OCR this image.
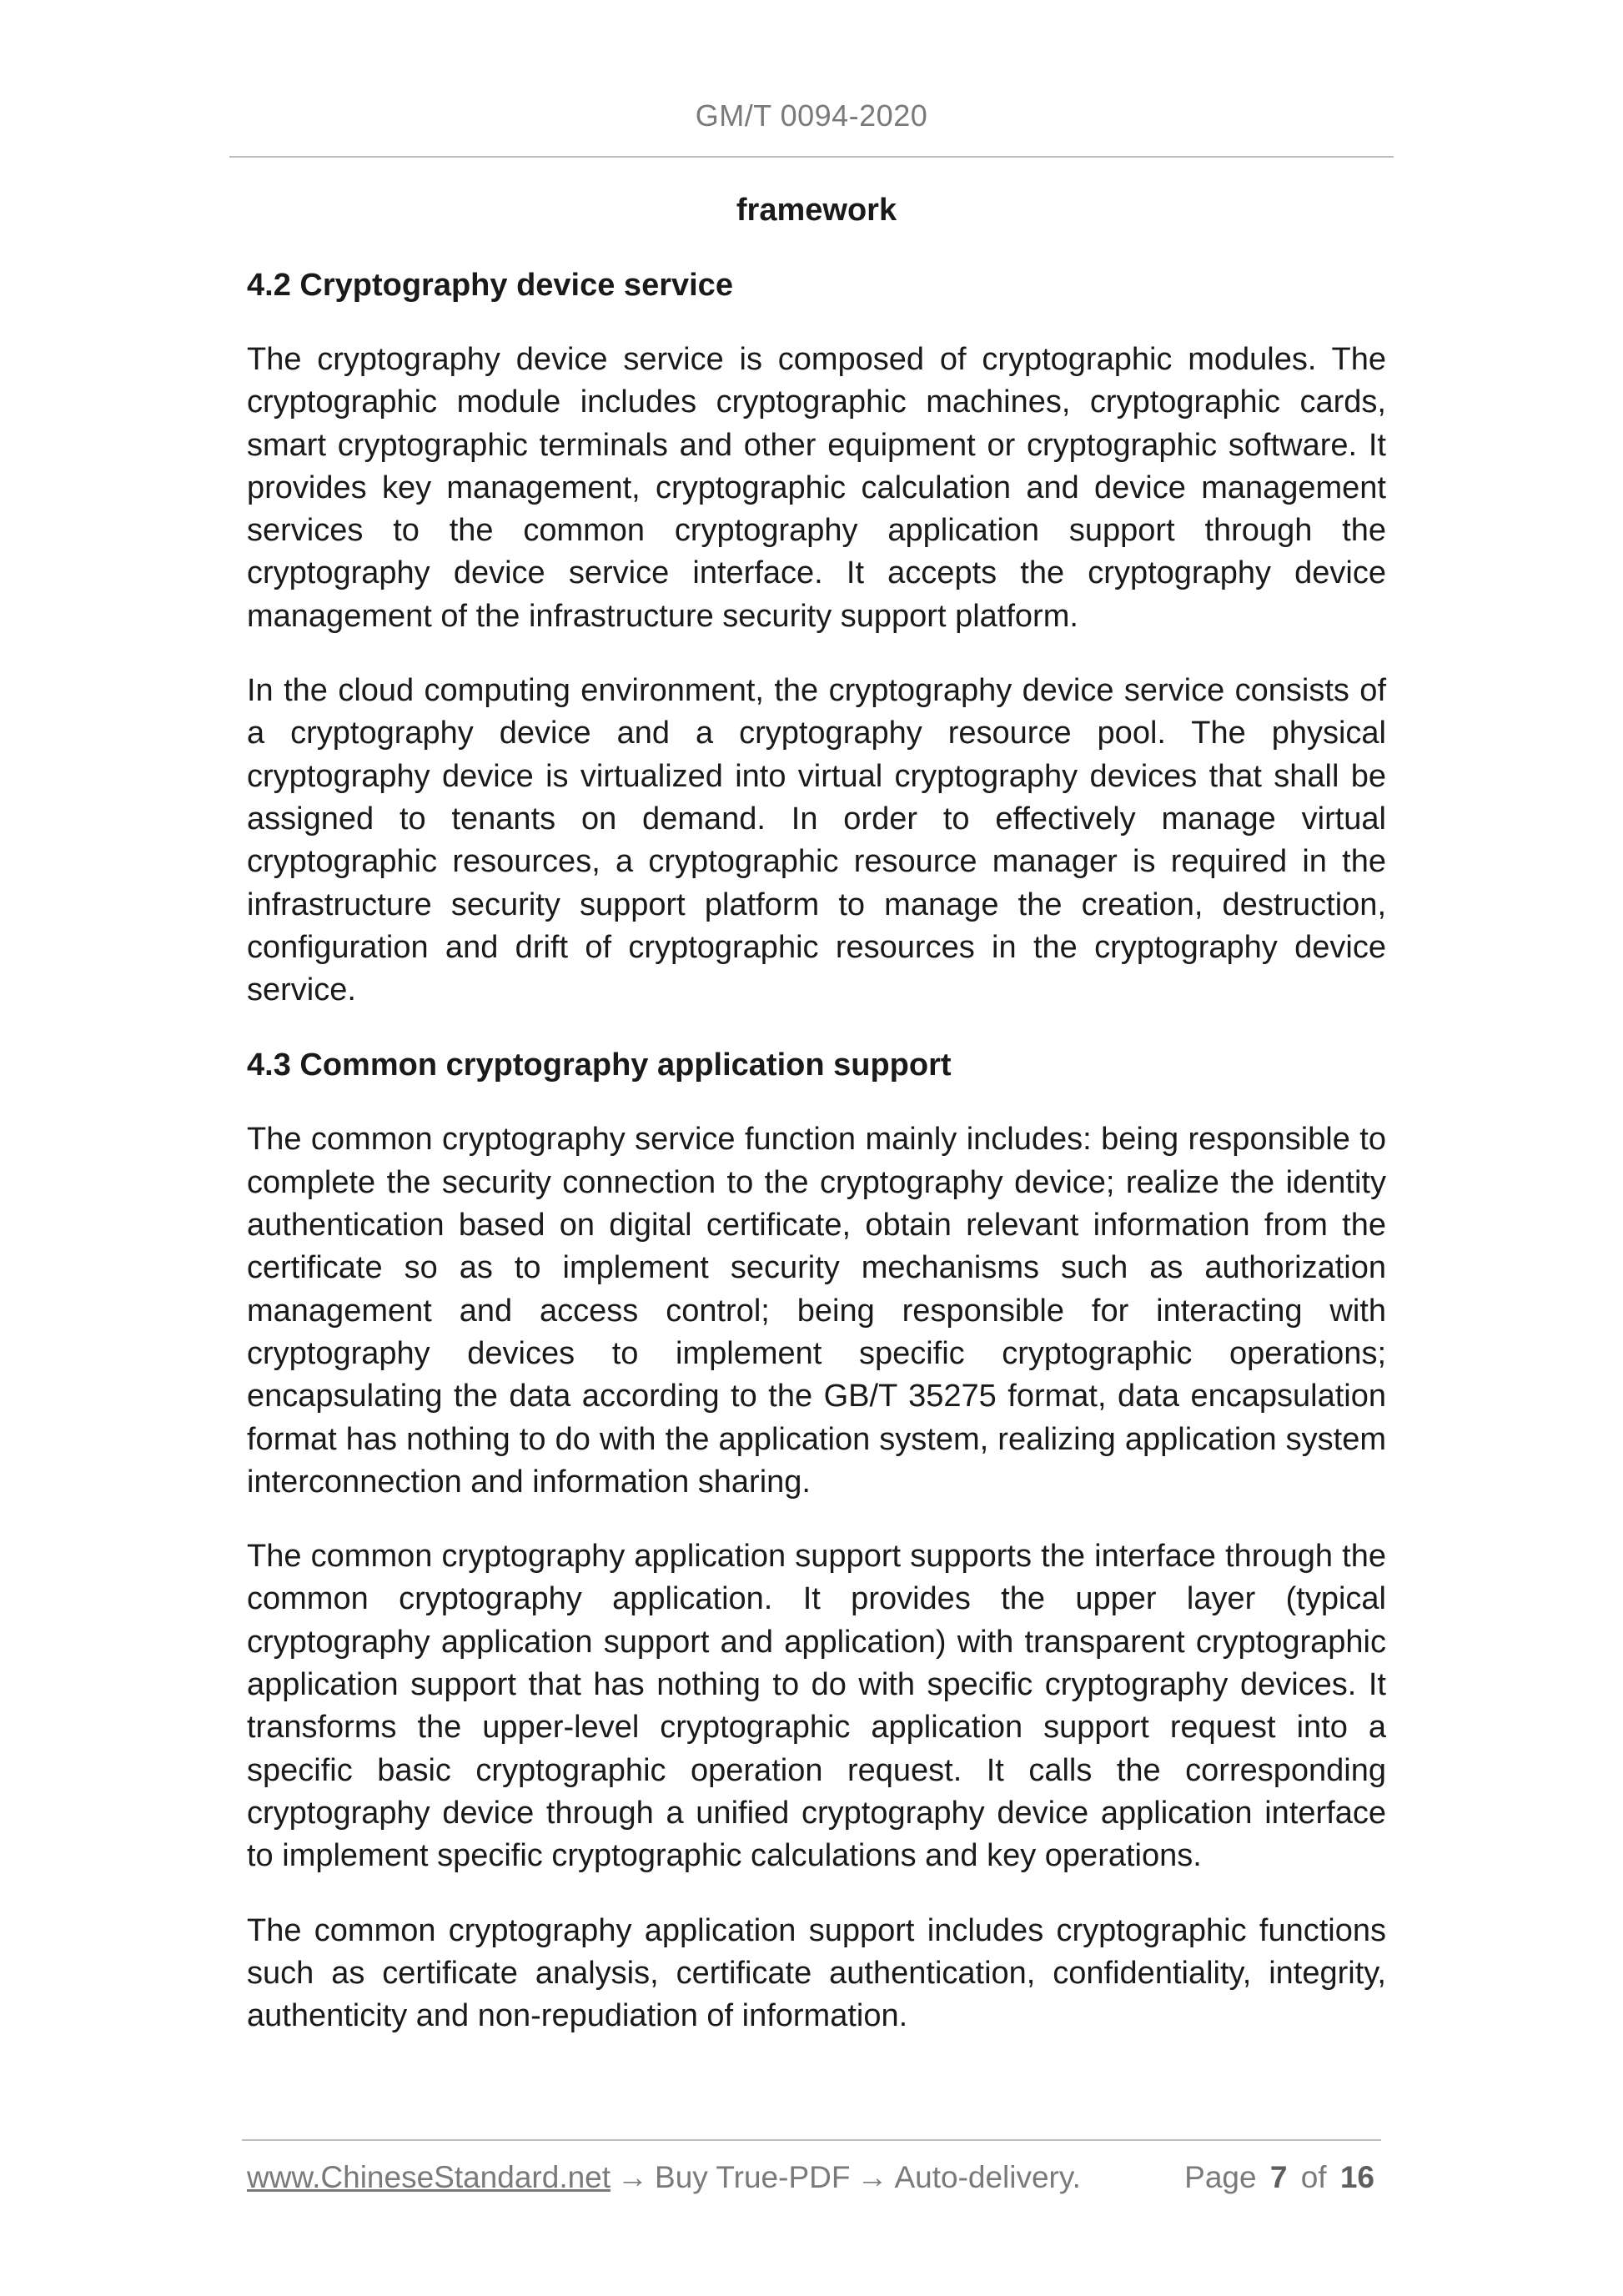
GM/T 0094-2020
framework
4.2 Cryptography device service

The cryptography device service is composed of cryptographic modules. The cryptographic module includes cryptographic machines, cryptographic cards, smart cryptographic terminals and other equipment or cryptographic software. It provides key management, cryptographic calculation and device management services to the common cryptography application support through the cryptography device service interface. It accepts the cryptography device management of the infrastructure security support platform.

In the cloud computing environment, the cryptography device service consists of a cryptography device and a cryptography resource pool. The physical cryptography device is virtualized into virtual cryptography devices that shall be assigned to tenants on demand. In order to effectively manage virtual cryptographic resources, a cryptographic resource manager is required in the infrastructure security support platform to manage the creation, destruction, configuration and drift of cryptographic resources in the cryptography device service.

4.3 Common cryptography application support

The common cryptography service function mainly includes: being responsible to complete the security connection to the cryptography device; realize the identity authentication based on digital certificate, obtain relevant information from the certificate so as to implement security mechanisms such as authorization management and access control; being responsible for interacting with cryptography devices to implement specific cryptographic operations; encapsulating the data according to the GB/T 35275 format, data encapsulation format has nothing to do with the application system, realizing application system interconnection and information sharing.

The common cryptography application support supports the interface through the common cryptography application. It provides the upper layer (typical cryptography application support and application) with transparent cryptographic application support that has nothing to do with specific cryptography devices. It transforms the upper-level cryptographic application support request into a specific basic cryptographic operation request. It calls the corresponding cryptography device through a unified cryptography device application interface to implement specific cryptographic calculations and key operations.

The common cryptography application support includes cryptographic functions such as certificate analysis, certificate authentication, confidentiality, integrity, authenticity and non-repudiation of information.

www.ChineseStandard.net → Buy True-PDF → Auto-delivery.	Page 7 of 16
